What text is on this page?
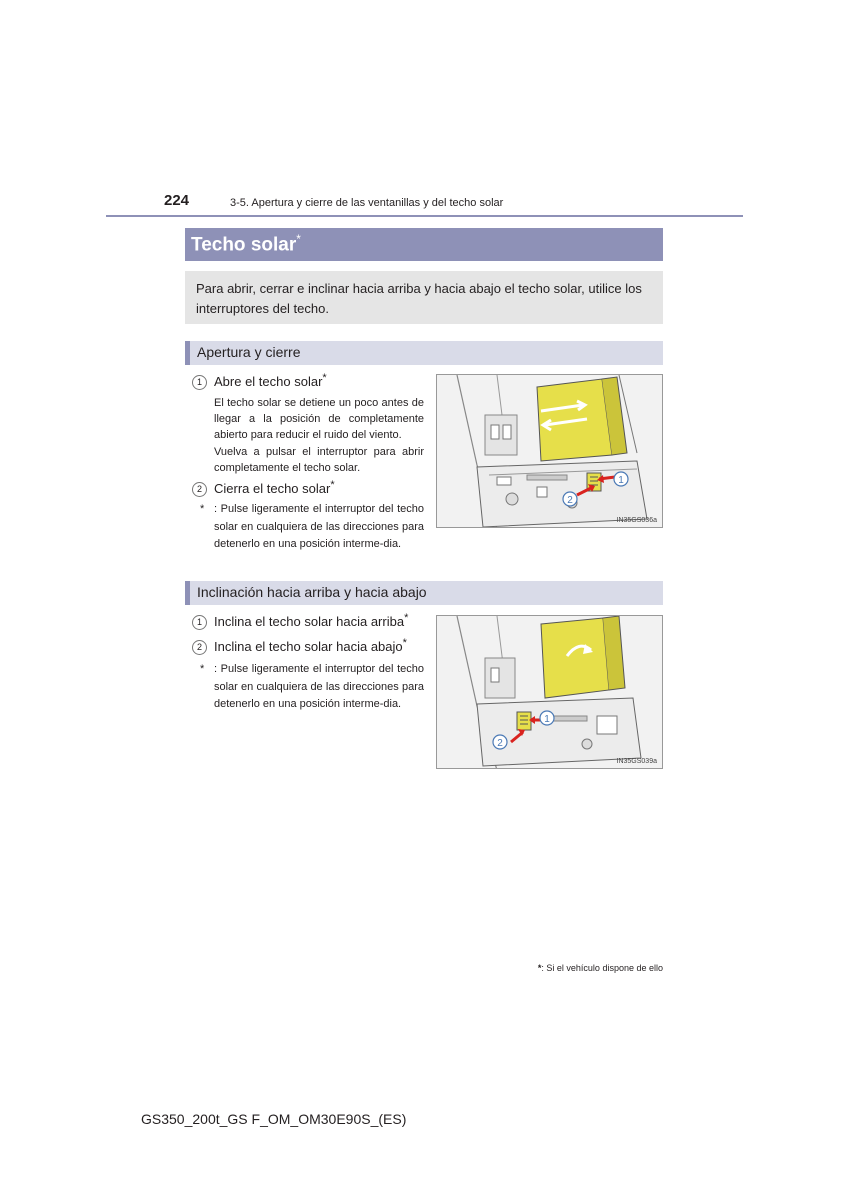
224	3-5. Apertura y cierre de las ventanillas y del techo solar
Techo solar*
Para abrir, cerrar e inclinar hacia arriba y hacia abajo el techo solar, utilice los interruptores del techo.
Apertura y cierre
1 Abre el techo solar*
El techo solar se detiene un poco antes de llegar a la posición de completamente abierto para reducir el ruido del viento.
Vuelva a pulsar el interruptor para abrir completamente el techo solar.
2 Cierra el techo solar*
* : Pulse ligeramente el interruptor del techo solar en cualquiera de las direcciones para detenerlo en una posición interme-dia.
1
2
IN35GS036a
Inclinación hacia arriba y hacia abajo
1 Inclina el techo solar hacia arriba*
2 Inclina el techo solar hacia abajo*
* : Pulse ligeramente el interruptor del techo solar en cualquiera de las direcciones para detenerlo en una posición interme-dia.
1
2
IN35GS039a
*: Si el vehículo dispone de ello
GS350_200t_GS F_OM_OM30E90S_(ES)
